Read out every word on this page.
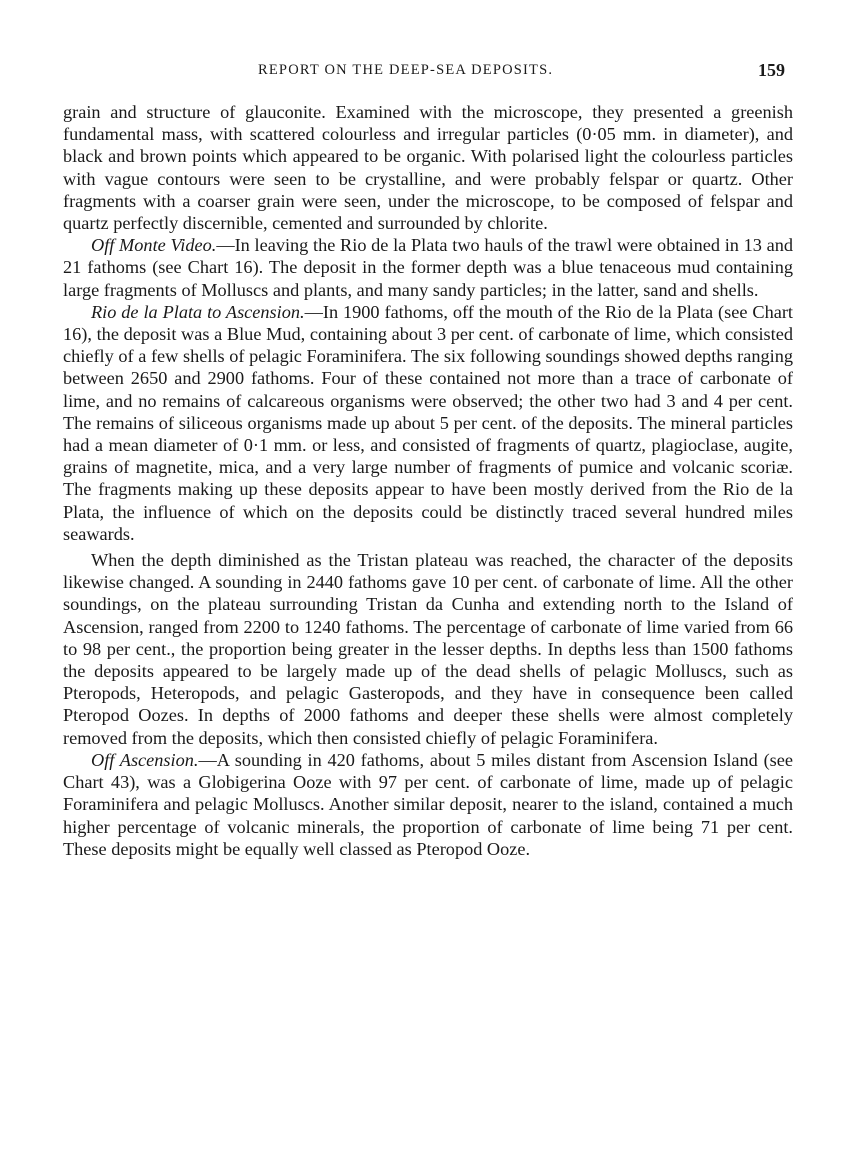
REPORT ON THE DEEP-SEA DEPOSITS.	159

grain and structure of glauconite. Examined with the microscope, they presented a greenish fundamental mass, with scattered colourless and irregular particles (0·05 mm. in diameter), and black and brown points which appeared to be organic. With polarised light the colourless particles with vague contours were seen to be crystalline, and were probably felspar or quartz. Other fragments with a coarser grain were seen, under the microscope, to be composed of felspar and quartz perfectly discernible, cemented and surrounded by chlorite.

Off Monte Video.—In leaving the Rio de la Plata two hauls of the trawl were obtained in 13 and 21 fathoms (see Chart 16). The deposit in the former depth was a blue tenaceous mud containing large fragments of Molluscs and plants, and many sandy particles; in the latter, sand and shells.

Rio de la Plata to Ascension.—In 1900 fathoms, off the mouth of the Rio de la Plata (see Chart 16), the deposit was a Blue Mud, containing about 3 per cent. of carbonate of lime, which consisted chiefly of a few shells of pelagic Foraminifera. The six following soundings showed depths ranging between 2650 and 2900 fathoms. Four of these contained not more than a trace of carbonate of lime, and no remains of calcareous organisms were observed; the other two had 3 and 4 per cent. The remains of siliceous organisms made up about 5 per cent. of the deposits. The mineral particles had a mean diameter of 0·1 mm. or less, and consisted of fragments of quartz, plagioclase, augite, grains of magnetite, mica, and a very large number of fragments of pumice and volcanic scoriæ. The fragments making up these deposits appear to have been mostly derived from the Rio de la Plata, the influence of which on the deposits could be distinctly traced several hundred miles seawards.

When the depth diminished as the Tristan plateau was reached, the character of the deposits likewise changed. A sounding in 2440 fathoms gave 10 per cent. of carbonate of lime. All the other soundings, on the plateau surrounding Tristan da Cunha and extending north to the Island of Ascension, ranged from 2200 to 1240 fathoms. The percentage of carbonate of lime varied from 66 to 98 per cent., the proportion being greater in the lesser depths. In depths less than 1500 fathoms the deposits appeared to be largely made up of the dead shells of pelagic Molluscs, such as Pteropods, Heteropods, and pelagic Gasteropods, and they have in consequence been called Pteropod Oozes. In depths of 2000 fathoms and deeper these shells were almost completely removed from the deposits, which then consisted chiefly of pelagic Foraminifera.

Off Ascension.—A sounding in 420 fathoms, about 5 miles distant from Ascension Island (see Chart 43), was a Globigerina Ooze with 97 per cent. of carbonate of lime, made up of pelagic Foraminifera and pelagic Molluscs. Another similar deposit, nearer to the island, contained a much higher percentage of volcanic minerals, the proportion of carbonate of lime being 71 per cent. These deposits might be equally well classed as Pteropod Ooze.
